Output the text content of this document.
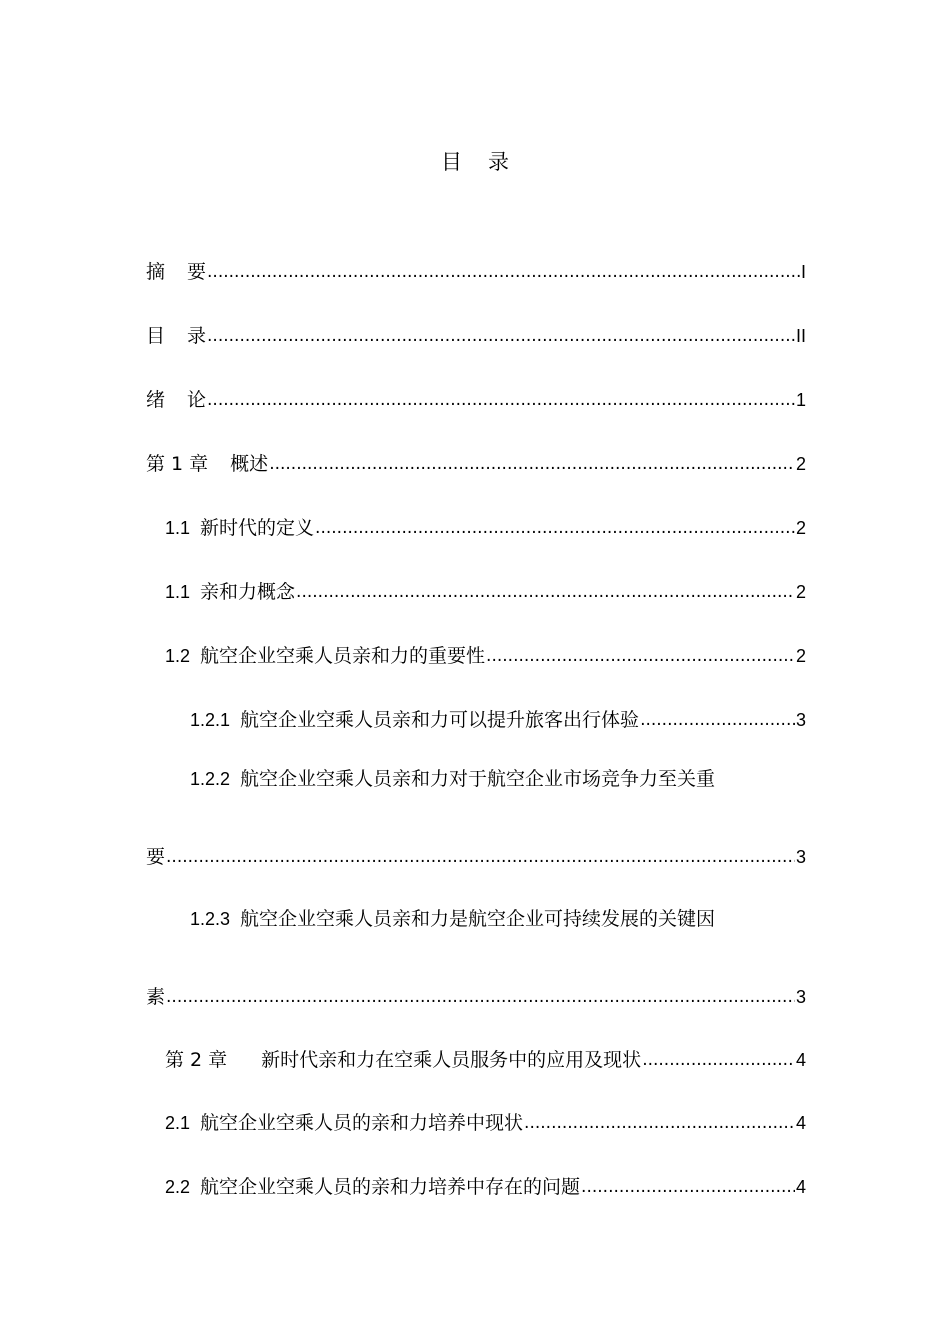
目 录
摘 要 .....	I
目 录 .....	II
绪 论 .....	1
第 1 章 概述 .....	2
1.1 新时代的定义 .....	2
1.1 亲和力概念 .....	2
1.2 航空企业空乘人员亲和力的重要性 .....	2
1.2.1 航空企业空乘人员亲和力可以提升旅客出行体验 .....	3
1.2.2 航空企业空乘人员亲和力对于航空企业市场竞争力至关重
要 .....	3
1.2.3 航空企业空乘人员亲和力是航空企业可持续发展的关键因
素 .....	3
第 2 章 新时代亲和力在空乘人员服务中的应用及现状 .....	4
2.1 航空企业空乘人员的亲和力培养中现状 .....	4
2.2 航空企业空乘人员的亲和力培养中存在的问题 .....	4
